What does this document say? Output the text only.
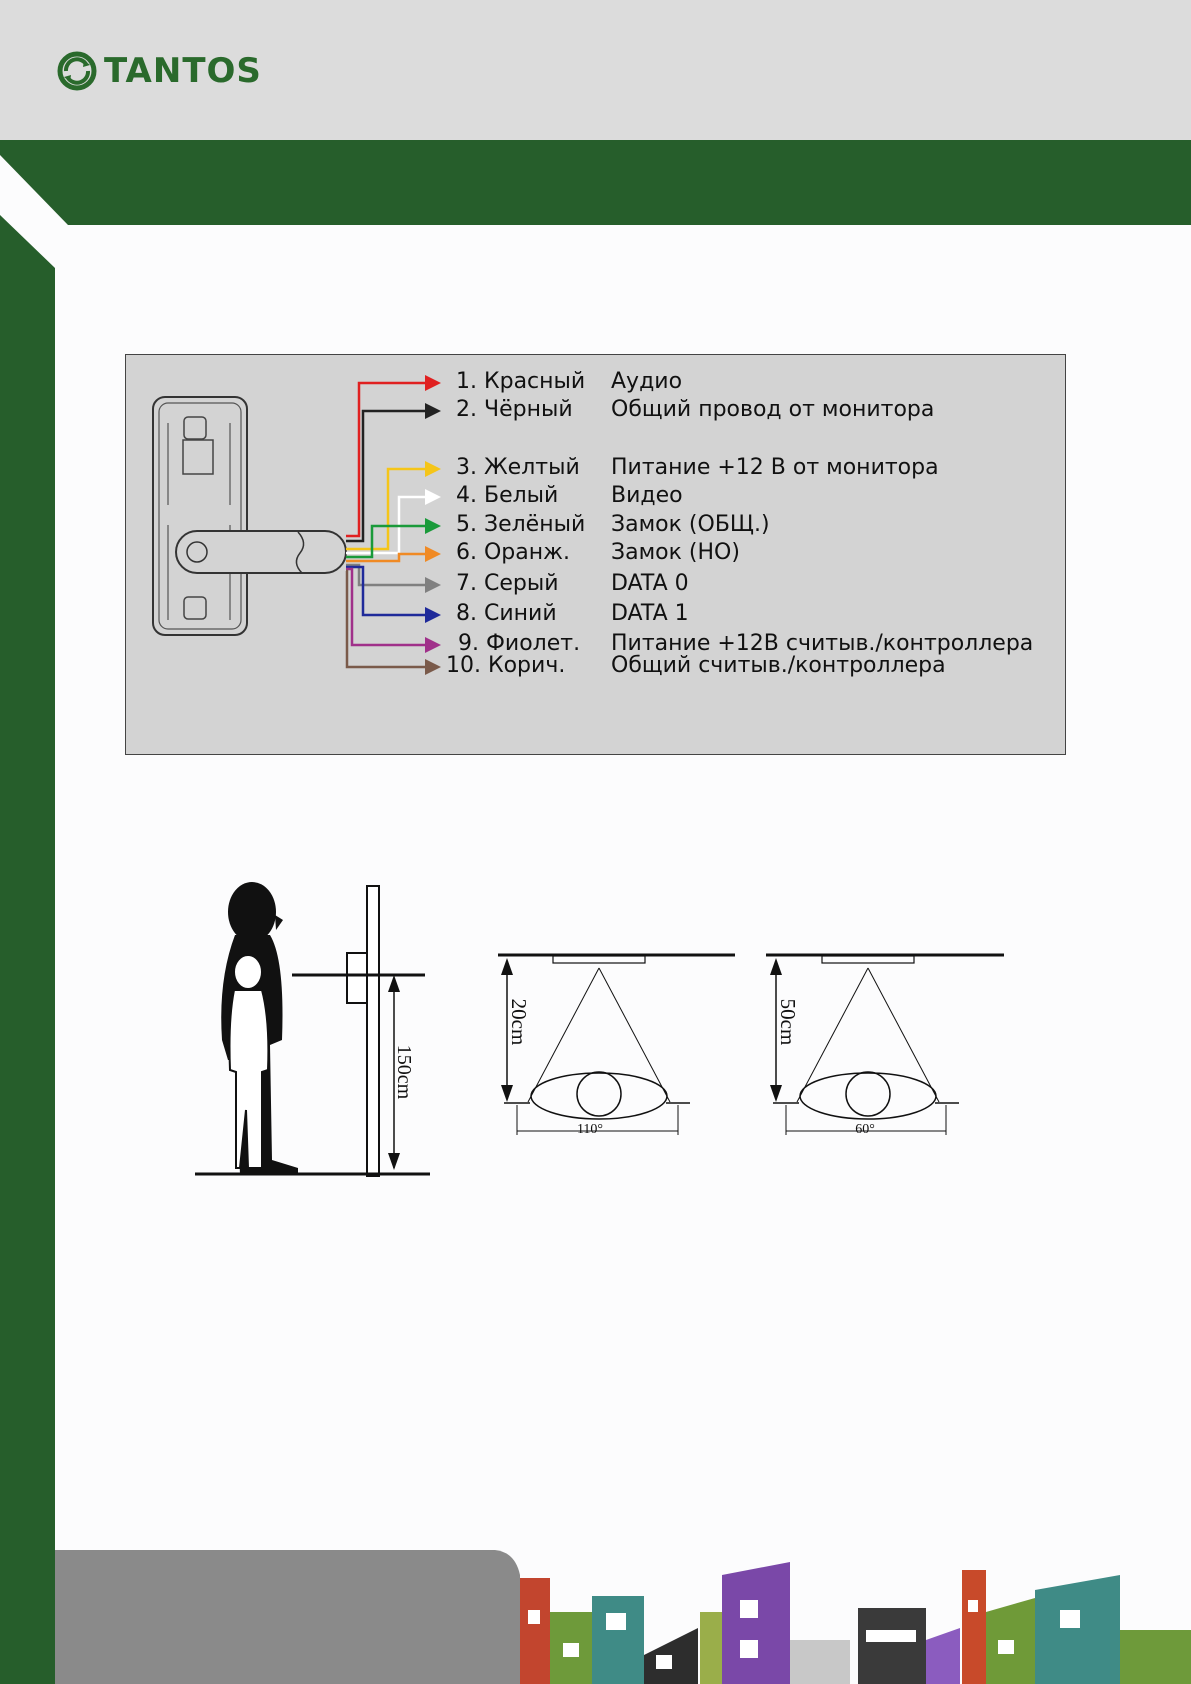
TANTOS
1. Красный Аудио
2. Чёрный Общий провод от монитора
3. Желтый Питание +12 В от монитора
4. Белый Видео
5. Зелёный Замок (ОБЩ.)
6. Оранж. Замок (НО)
7. Серый DATA 0
8. Синий DATA 1
9. Фиолет. Питание +12В считыв./контроллера
10. Корич. Общий считыв./контроллера
150cm
20cm
110°
50cm
60°
